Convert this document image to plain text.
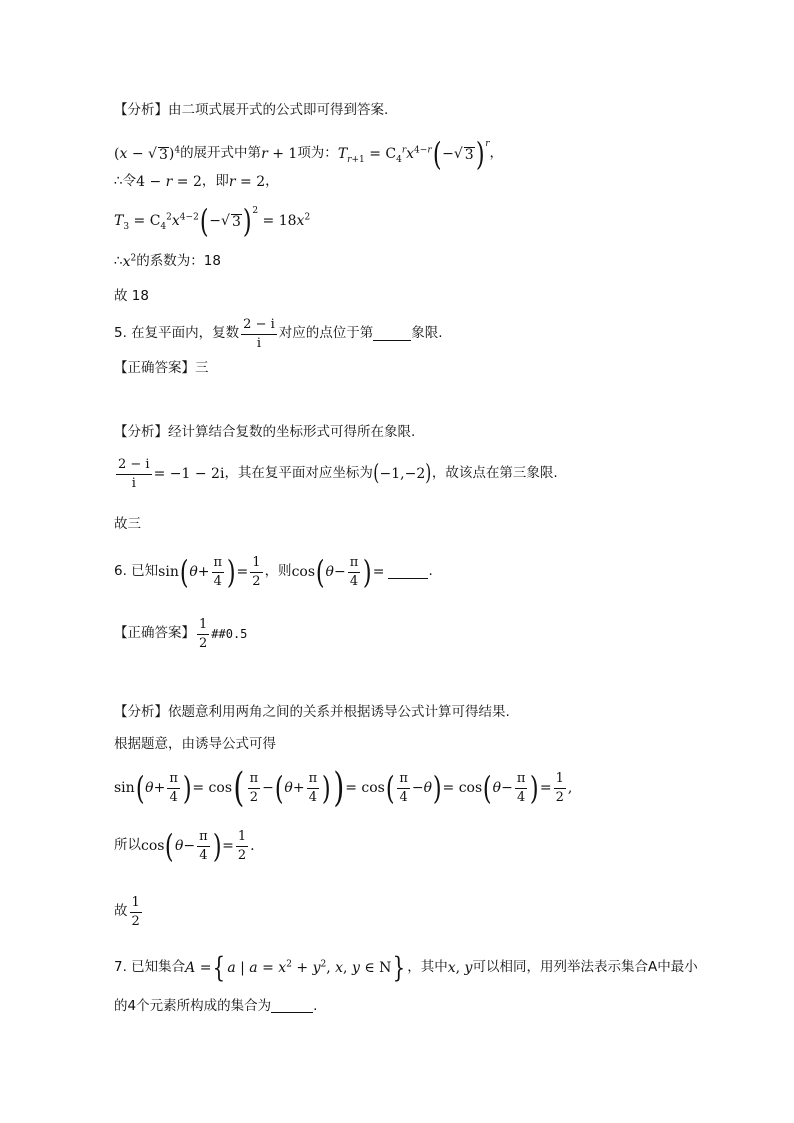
【分析】由二项式展开式的公式即可得到答案.
(x − √ 3 )$^4$ 的展开式中第 r + 1 项为： $T_{r+1} = C_4^rx^{4-r}$ ( −√ 3 ) r
，
∴令 4 − r = 2 ，即 r = 2 ，
$T_3 = C_4^2x^{4-2}$ ( −√ 3 ) 2
= $18x^2$
∴ $x^2$ 的系数为：18
故 18
5. 在复平面内，复数 $\frac{2 - i}{i}$ 对应的点位于第	象限.
【正确答案】三
【分析】经计算结合复数的坐标形式可得所在象限.
$\frac{2 - i}{i} = -1 - 2i$ ，其在复平面对应坐标为 ( −1,−2 ) ，故该点在第三象限.
故三
6. 已知 sin ( $\theta + \frac{\pi}{4}$ ) = $\frac{1}{2}$ ，则 cos ( $\theta - \frac{\pi}{4}$ ) =	.
【正确答案】 $\frac{1}{2}$ ##0.5
【分析】依题意利用两角之间的关系并根据诱导公式计算可得结果.
根据题意，由诱导公式可得
sin ( $\theta + \frac{\pi}{4}$ ) = cos ( $\frac{\pi}{2}$ − ( $\theta + \frac{\pi}{4}$ ) ) = cos ( $\frac{\pi}{4} - \theta$ ) = cos ( $\theta - \frac{\pi}{4}$ ) = $\frac{1}{2}$ ,
所以 cos ( $\theta - \frac{\pi}{4}$ ) = $\frac{1}{2}$ .
故 $\frac{1}{2}$
7. 已知集合 A = { a | $a = x^2 + y^2$, x, y ∈ N } ，其中 x, y 可以相同，用列举法表示集合A中最小
的4个元素所构成的集合为	.
